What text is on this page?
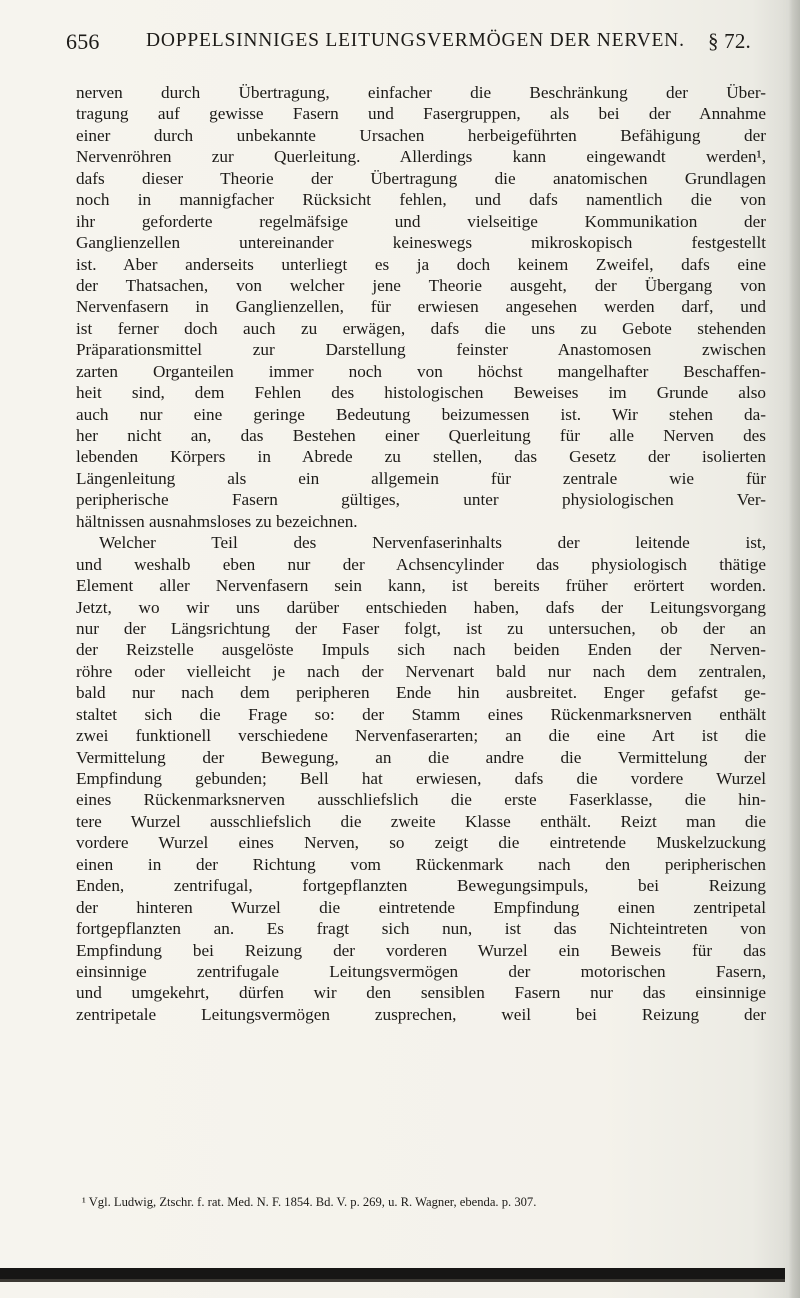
656 DOPPELSINNIGES LEITUNGSVERMÖGEN DER NERVEN. § 72.
nerven durch Übertragung, einfacher die Beschränkung der Über-
tragung auf gewisse Fasern und Fasergruppen, als bei der Annahme
einer durch unbekannte Ursachen herbeigeführten Befähigung der
Nervenröhren zur Querleitung. Allerdings kann eingewandt werden¹,
dafs dieser Theorie der Übertragung die anatomischen Grundlagen
noch in mannigfacher Rücksicht fehlen, und dafs namentlich die von
ihr geforderte regelmäfsige und vielseitige Kommunikation der
Ganglienzellen untereinander keineswegs mikroskopisch festgestellt
ist. Aber anderseits unterliegt es ja doch keinem Zweifel, dafs eine
der Thatsachen, von welcher jene Theorie ausgeht, der Übergang von
Nervenfasern in Ganglienzellen, für erwiesen angesehen werden darf, und
ist ferner doch auch zu erwägen, dafs die uns zu Gebote stehenden
Präparationsmittel zur Darstellung feinster Anastomosen zwischen
zarten Organteilen immer noch von höchst mangelhafter Beschaffen-
heit sind, dem Fehlen des histologischen Beweises im Grunde also
auch nur eine geringe Bedeutung beizumessen ist. Wir stehen da-
her nicht an, das Bestehen einer Querleitung für alle Nerven des
lebenden Körpers in Abrede zu stellen, das Gesetz der isolierten
Längenleitung als ein allgemein für zentrale wie für
peripherische Fasern gültiges, unter physiologischen Ver-
hältnissen ausnahmsloses zu bezeichnen.
Welcher Teil des Nervenfaserinhalts der leitende ist,
und weshalb eben nur der Achsencylinder das physiologisch thätige
Element aller Nervenfasern sein kann, ist bereits früher erörtert worden.
Jetzt, wo wir uns darüber entschieden haben, dafs der Leitungsvorgang
nur der Längsrichtung der Faser folgt, ist zu untersuchen, ob der an
der Reizstelle ausgelöste Impuls sich nach beiden Enden der Nerven-
röhre oder vielleicht je nach der Nervenart bald nur nach dem zentralen,
bald nur nach dem peripheren Ende hin ausbreitet. Enger gefafst ge-
staltet sich die Frage so: der Stamm eines Rückenmarksnerven enthält
zwei funktionell verschiedene Nervenfaserarten; an die eine Art ist die
Vermittelung der Bewegung, an die andre die Vermittelung der
Empfindung gebunden; Bell hat erwiesen, dafs die vordere Wurzel
eines Rückenmarksnerven ausschliefslich die erste Faserklasse, die hin-
tere Wurzel ausschliefslich die zweite Klasse enthält. Reizt man die
vordere Wurzel eines Nerven, so zeigt die eintretende Muskelzuckung
einen in der Richtung vom Rückenmark nach den peripherischen
Enden, zentrifugal, fortgepflanzten Bewegungsimpuls, bei Reizung
der hinteren Wurzel die eintretende Empfindung einen zentripetal
fortgepflanzten an. Es fragt sich nun, ist das Nichteintreten von
Empfindung bei Reizung der vorderen Wurzel ein Beweis für das
einsinnige zentrifugale Leitungsvermögen der motorischen Fasern,
und umgekehrt, dürfen wir den sensiblen Fasern nur das einsinnige
zentripetale Leitungsvermögen zusprechen, weil bei Reizung der
¹ Vgl. Ludwig, Ztschr. f. rat. Med. N. F. 1854. Bd. V. p. 269, u. R. Wagner, ebenda. p. 307.
